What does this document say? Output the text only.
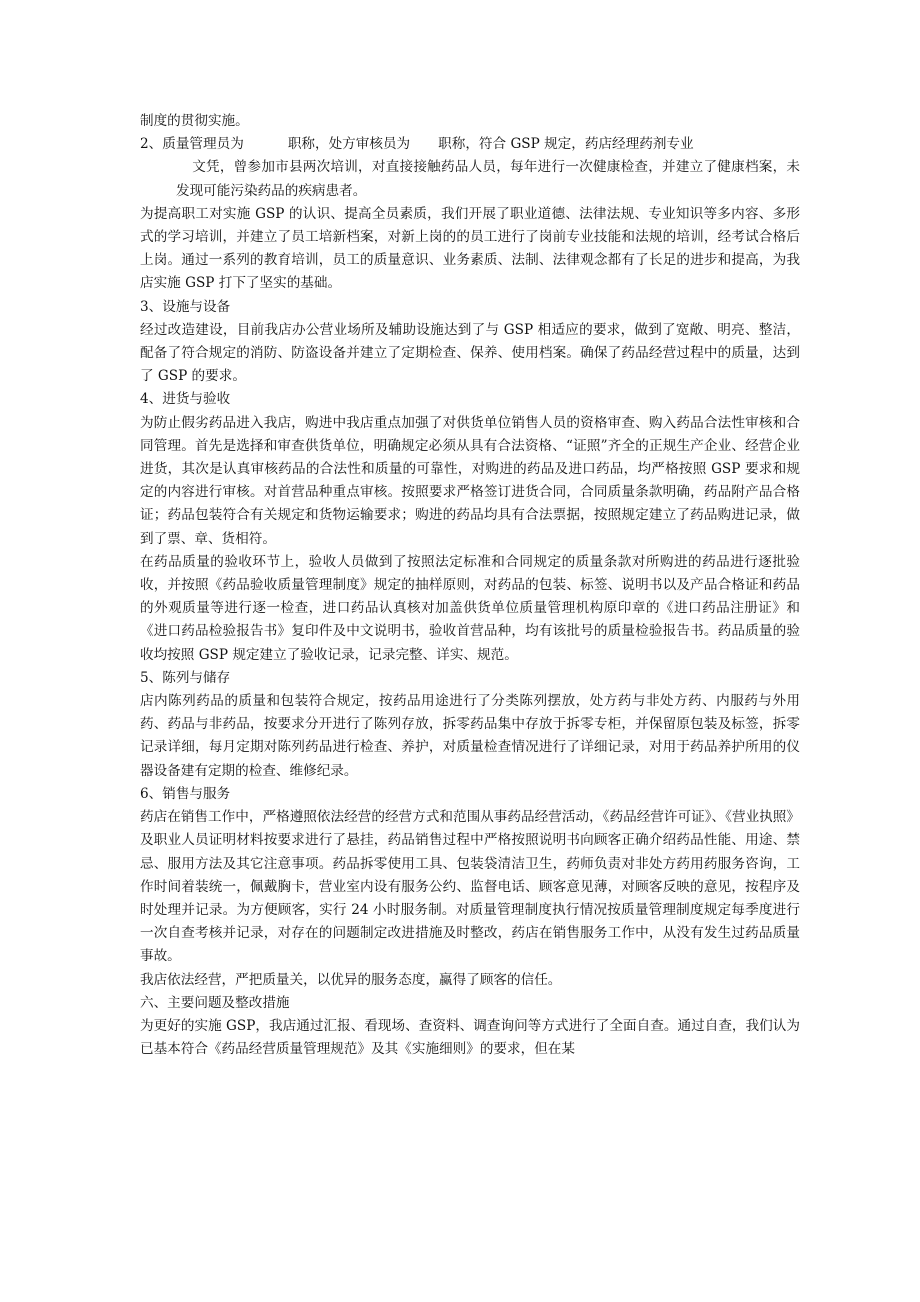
制度的贯彻实施。

2、质量管理员为	职称，处方审核员为 职称，符合 GSP 规定，药店经理药剂专业

文凭，曾参加市县两次培训，对直接接触药品人员，每年进行一次健康检查，并建立了健康档案，未发现可能污染药品的疾病患者。

为提高职工对实施 GSP 的认识、提高全员素质，我们开展了职业道德、法律法规、专业知识等多内容、多形式的学习培训，并建立了员工培新档案，对新上岗的的员工进行了岗前专业技能和法规的培训，经考试合格后上岗。通过一系列的教育培训，员工的质量意识、业务素质、法制、法律观念都有了长足的进步和提高，为我店实施 GSP 打下了坚实的基础。

3、设施与设备

经过改造建设，目前我店办公营业场所及辅助设施达到了与 GSP 相适应的要求，做到了宽敞、明亮、整洁，配备了符合规定的消防、防盗设备并建立了定期检查、保养、使用档案。确保了药品经营过程中的质量，达到了 GSP 的要求。

4、进货与验收

为防止假劣药品进入我店，购进中我店重点加强了对供货单位销售人员的资格审查、购入药品合法性审核和合同管理。首先是选择和审查供货单位，明确规定必须从具有合法资格、“证照”齐全的正规生产企业、经营企业进货，其次是认真审核药品的合法性和质量的可靠性，对购进的药品及进口药品，均严格按照 GSP 要求和规定的内容进行审核。对首营品种重点审核。按照要求严格签订进货合同，合同质量条款明确，药品附产品合格证；药品包装符合有关规定和货物运输要求；购进的药品均具有合法票据，按照规定建立了药品购进记录，做到了票、章、货相符。

在药品质量的验收环节上，验收人员做到了按照法定标准和合同规定的质量条款对所购进的药品进行逐批验收，并按照《药品验收质量管理制度》规定的抽样原则，对药品的包装、标签、说明书以及产品合格证和药品的外观质量等进行逐一检查，进口药品认真核对加盖供货单位质量管理机构原印章的《进口药品注册证》和《进口药品检验报告书》复印件及中文说明书，验收首营品种，均有该批号的质量检验报告书。药品质量的验收均按照 GSP 规定建立了验收记录，记录完整、详实、规范。

5、陈列与储存

店内陈列药品的质量和包装符合规定，按药品用途进行了分类陈列摆放，处方药与非处方药、内服药与外用药、药品与非药品，按要求分开进行了陈列存放，拆零药品集中存放于拆零专柜，并保留原包装及标签，拆零记录详细，每月定期对陈列药品进行检查、养护，对质量检查情况进行了详细记录，对用于药品养护所用的仪器设备建有定期的检查、维修纪录。

6、销售与服务

药店在销售工作中，严格遵照依法经营的经营方式和范围从事药品经营活动，《药品经营许可证》、《营业执照》及职业人员证明材料按要求进行了悬挂，药品销售过程中严格按照说明书向顾客正确介绍药品性能、用途、禁忌、服用方法及其它注意事项。药品拆零使用工具、包装袋清洁卫生，药师负责对非处方药用药服务咨询，工作时间着装统一，佩戴胸卡，营业室内设有服务公约、监督电话、顾客意见薄，对顾客反映的意见，按程序及时处理并记录。为方便顾客，实行 24 小时服务制。对质量管理制度执行情况按质量管理制度规定每季度进行一次自查考核并记录，对存在的问题制定改进措施及时整改，药店在销售服务工作中，从没有发生过药品质量事故。

我店依法经营，严把质量关，以优异的服务态度，赢得了顾客的信任。

六、主要问题及整改措施

为更好的实施 GSP，我店通过汇报、看现场、查资料、调查询问等方式进行了全面自查。通过自查，我们认为已基本符合《药品经营质量管理规范》及其《实施细则》的要求，但在某
